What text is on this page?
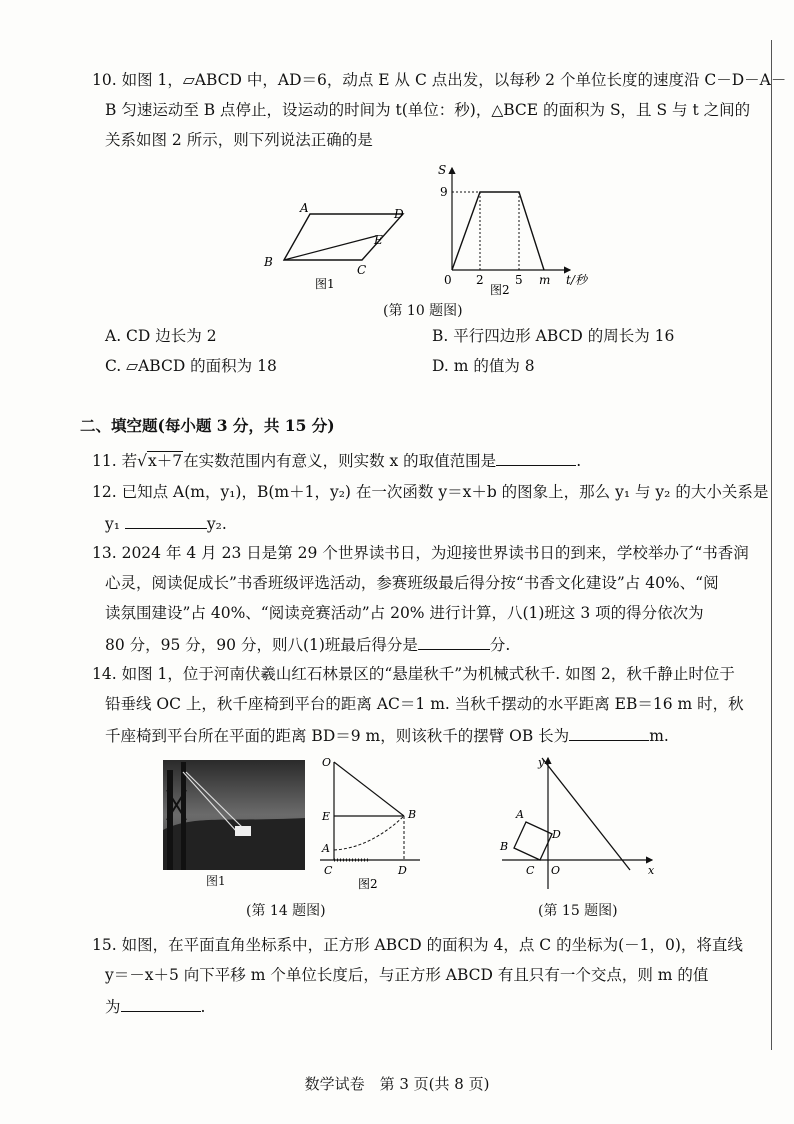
10. 如图 1，▱ABCD 中，AD＝6，动点 E 从 C 点出发，以每秒 2 个单位长度的速度沿 C－D－A－
B 匀速运动至 B 点停止，设运动的时间为 t(单位：秒)，△BCE 的面积为 S，且 S 与 t 之间的
关系如图 2 所示，则下列说法正确的是
A
B
C
D
E
图1
S
9
0 2	5 m t/秒
图2
(第 10 题图)
A. CD 边长为 2	B. 平行四边形 ABCD 的周长为 16
C. ▱ABCD 的面积为 18	D. m 的值为 8
二、填空题(每小题 3 分，共 15 分)
11. 若√x＋7在实数范围内有意义，则实数 x 的取值范围是	.
12. 已知点 A(m，y₁)，B(m＋1，y₂) 在一次函数 y＝x＋b 的图象上，那么 y₁ 与 y₂ 的大小关系是
y₁	y₂.
13. 2024 年 4 月 23 日是第 29 个世界读书日，为迎接世界读书日的到来，学校举办了“书香润
心灵，阅读促成长”书香班级评选活动，参赛班级最后得分按“书香文化建设”占 40%、“阅
读氛围建设”占 40%、“阅读竞赛活动”占 20% 进行计算，八(1)班这 3 项的得分依次为
80 分，95 分，90 分，则八(1)班最后得分是	分.
14. 如图 1，位于河南伏羲山红石林景区的“悬崖秋千”为机械式秋千. 如图 2，秋千静止时位于
铅垂线 OC 上，秋千座椅到平台的距离 AC＝1 m. 当秋千摆动的水平距离 EB＝16 m 时，秋
千座椅到平台所在平面的距离 BD＝9 m，则该秋千的摆臂 OB 长为	m.
图1
O
E	B
A
C	D
图2
(第 14 题图)
y
x
A
B
C
D
O
(第 15 题图)
15. 如图，在平面直角坐标系中，正方形 ABCD 的面积为 4，点 C 的坐标为(－1，0)，将直线
y＝－x＋5 向下平移 m 个单位长度后，与正方形 ABCD 有且只有一个交点，则 m 的值
为	.
数学试卷　第 3 页(共 8 页)
